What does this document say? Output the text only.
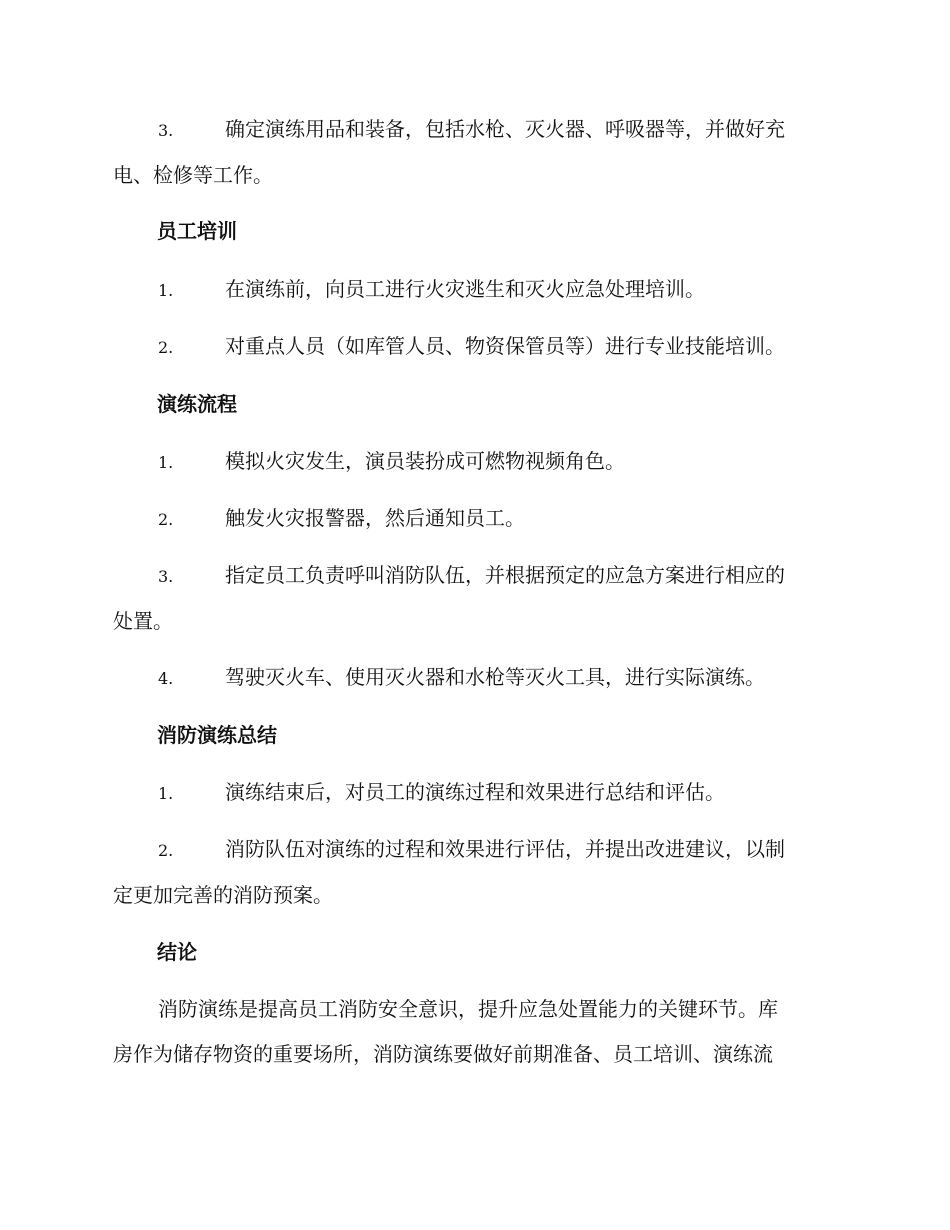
3.	确定演练用品和装备，包括水枪、灭火器、呼吸器等，并做好充
电、检修等工作。
员工培训
1.	在演练前，向员工进行火灾逃生和灭火应急处理培训。
2.	对重点人员（如库管人员、物资保管员等）进行专业技能培训。
演练流程
1.	模拟火灾发生，演员装扮成可燃物视频角色。
2.	触发火灾报警器，然后通知员工。
3.	指定员工负责呼叫消防队伍，并根据预定的应急方案进行相应的
处置。
4.	驾驶灭火车、使用灭火器和水枪等灭火工具，进行实际演练。
消防演练总结
1.	演练结束后，对员工的演练过程和效果进行总结和评估。
2.	消防队伍对演练的过程和效果进行评估，并提出改进建议，以制
定更加完善的消防预案。
结论
消防演练是提高员工消防安全意识，提升应急处置能力的关键环节。库
房作为储存物资的重要场所，消防演练要做好前期准备、员工培训、演练流
